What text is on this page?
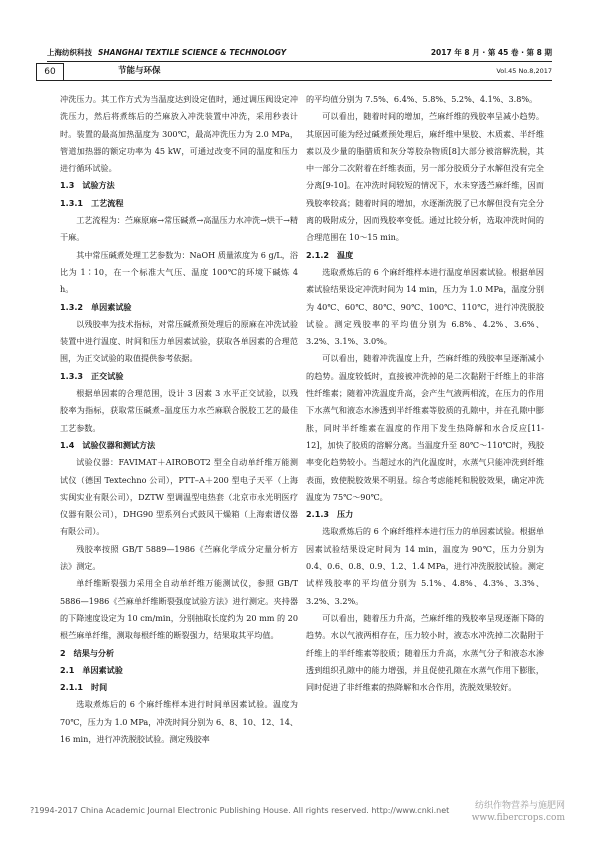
上海纺织科技 SHANGHAI TEXTILE SCIENCE & TECHNOLOGY	2017 年 8 月 · 第 45 卷 · 第 8 期
60	节能与环保	Vol.45 No.8,2017

冲洗压力。其工作方式为当温度达到设定值时，通过调压阀设定冲洗压力，然后将煮练后的苎麻放入冲洗装置中冲洗，采用秒表计时。装置的最高加热温度为 300℃，最高冲洗压力为 2.0 MPa，管道加热器的额定功率为 45 kW，可通过改变不同的温度和压力进行循环试验。

1.3 试验方法
1.3.1 工艺流程

工艺流程为：苎麻原麻→常压碱煮→高温压力水冲洗→烘干→精干麻。

其中常压碱煮处理工艺参数为：NaOH 质量浓度为 6 g/L，浴比为 1∶10，在一个标准大气压、温度 100℃的环境下碱炼 4 h。

1.3.2 单因素试验

以残胶率为技术指标，对常压碱煮预处理后的原麻在冲洗试验装置中进行温度、时间和压力单因素试验，获取各单因素的合理范围，为正交试验的取值提供参考依据。

1.3.3 正交试验

根据单因素的合理范围，设计 3 因素 3 水平正交试验，以残胶率为指标，获取常压碱煮–温度压力水苎麻联合脱胶工艺的最佳工艺参数。

1.4 试验仪器和测试方法

试验仪器：FAVIMAT＋AIROBOT2 型全自动单纤维万能测试仪（德国 Textechno 公司），PTT–A＋200 型电子天平（上海实闽实业有限公司），DZTW 型调温型电热套（北京市永光明医疗仪器有限公司），DHG90 型系列台式鼓风干燥箱（上海索谱仪器有限公司）。

残胶率按照 GB/T 5889—1986《苎麻化学成分定量分析方法》测定。

单纤维断裂强力采用全自动单纤维万能测试仪，参照 GB/T 5886—1986《苎麻单纤维断裂强度试验方法》进行测定。夹持器的下降速度设定为 10 cm/min，分别抽取长度约为 20 mm 的 20 根苎麻单纤维，测取每根纤维的断裂强力，结果取其平均值。

2 结果与分析
2.1 单因素试验
2.1.1 时间

选取煮炼后的 6 个麻纤维样本进行时间单因素试验。温度为 70℃，压力为 1.0 MPa，冲洗时间分别为 6、8、10、12、14、16 min，进行冲洗脱胶试验。测定残胶率

的平均值分别为 7.5%、6.4%、5.8%、5.2%、4.1%、3.8%。

可以看出，随着时间的增加，苎麻纤维的残胶率呈减小趋势。其原因可能为经过碱煮预处理后，麻纤维中果胶、木质素、半纤维素以及少量的脂腊质和灰分等胶杂物质[8]大部分被溶解洗脱，其中一部分二次附着在纤维表面，另一部分胶质分子水解但没有完全分离[9-10]。在冲洗时间较短的情况下，水未穿透苎麻纤维，因而残胶率较高；随着时间的增加，水逐渐洗脱了已水解但没有完全分离的吸附成分，因而残胶率变低。通过比较分析，选取冲洗时间的合理范围在 10～15 min。

2.1.2 温度

选取煮炼后的 6 个麻纤维样本进行温度单因素试验。根据单因素试验结果设定冲洗时间为 14 min，压力为 1.0 MPa，温度分别为 40℃、60℃、80℃、90℃、100℃、110℃，进行冲洗脱胶试验。测定残胶率的平均值分别为 6.8%、4.2%、3.6%、3.2%、3.1%、3.0%。

可以看出，随着冲洗温度上升，苎麻纤维的残胶率呈逐渐减小的趋势。温度较低时，直接被冲洗掉的是二次黏附于纤维上的非溶性纤维素；随着冲洗温度升高，会产生气液两相流，在压力的作用下水蒸气和液态水渗透到半纤维素等胶质的孔隙中，并在孔隙中膨胀，同时半纤维素在温度的作用下发生热降解和水合反应[11-12]，加快了胶质的溶解分离。当温度升至 80℃～110℃时，残胶率变化趋势较小。当超过水的汽化温度时，水蒸气只能冲洗到纤维表面，致使脱胶效果不明显。综合考虑能耗和脱胶效果，确定冲洗温度为 75℃～90℃。

2.1.3 压力

选取煮炼后的 6 个麻纤维样本进行压力的单因素试验。根据单因素试验结果设定时间为 14 min，温度为 90℃，压力分别为 0.4、0.6、0.8、0.9、1.2、1.4 MPa，进行冲洗脱胶试验。测定试样残胶率的平均值分别为 5.1%、4.8%、4.3%、3.3%、3.2%、3.2%。

可以看出，随着压力升高，苎麻纤维的残胶率呈现逐渐下降的趋势。水以气液两相存在，压力较小时，液态水冲洗掉二次黏附于纤维上的半纤维素等胶质；随着压力升高，水蒸气分子和液态水渗透到组织孔隙中的能力增强，并且促使孔隙在水蒸气作用下膨胀，同时促进了非纤维素的热降解和水合作用，洗脱效果较好。

?1994-2017 China Academic Journal Electronic Publishing House. All rights reserved. http://www.cnki.net	纺织作物营养与施肥网
www.fibercrops.com
